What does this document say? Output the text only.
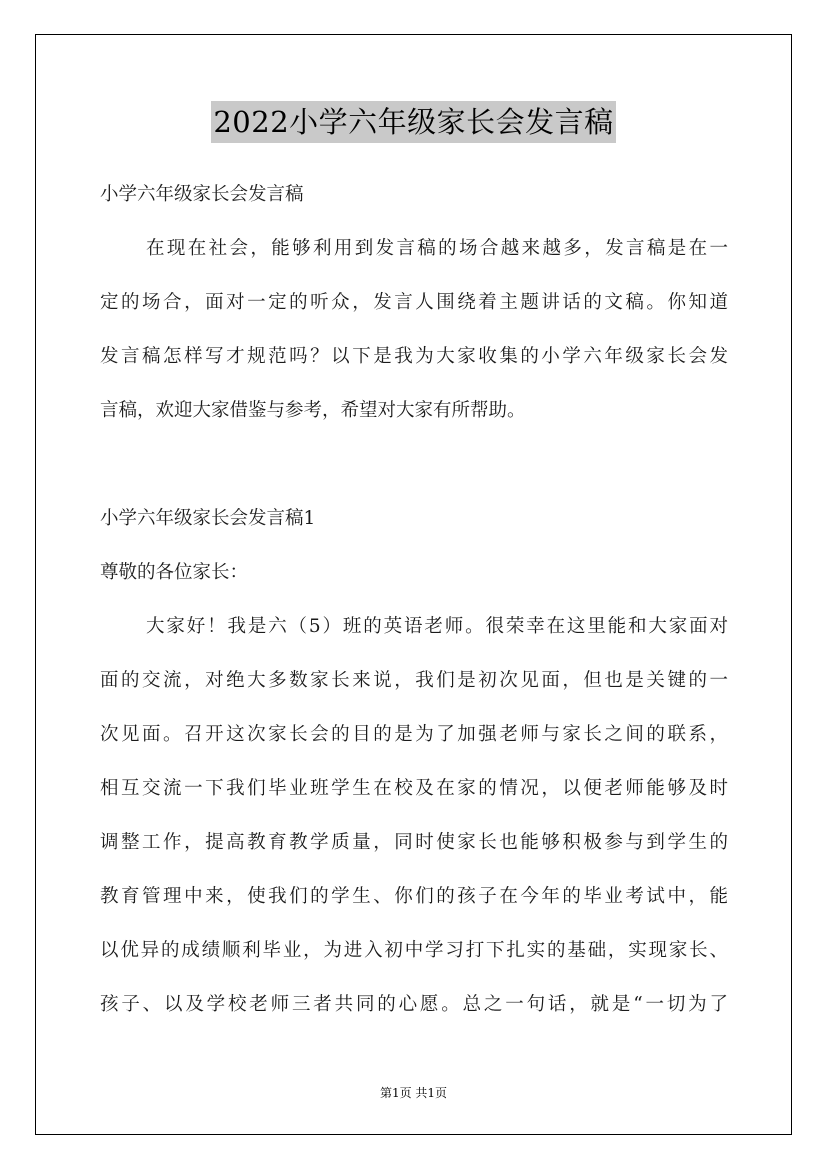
2022小学六年级家长会发言稿
小学六年级家长会发言稿
在现在社会，能够利用到发言稿的场合越来越多，发言稿是在一
定的场合，面对一定的听众，发言人围绕着主题讲话的文稿。你知道
发言稿怎样写才规范吗？以下是我为大家收集的小学六年级家长会发
言稿，欢迎大家借鉴与参考，希望对大家有所帮助。
小学六年级家长会发言稿1
尊敬的各位家长：
大家好！我是六（5）班的英语老师。很荣幸在这里能和大家面对
面的交流，对绝大多数家长来说，我们是初次见面，但也是关键的一
次见面。召开这次家长会的目的是为了加强老师与家长之间的联系，
相互交流一下我们毕业班学生在校及在家的情况，以便老师能够及时
调整工作，提高教育教学质量，同时使家长也能够积极参与到学生的
教育管理中来，使我们的学生、你们的孩子在今年的毕业考试中，能
以优异的成绩顺利毕业，为进入初中学习打下扎实的基础，实现家长、
孩子、以及学校老师三者共同的心愿。总之一句话，就是“一切为了
第1页 共1页
